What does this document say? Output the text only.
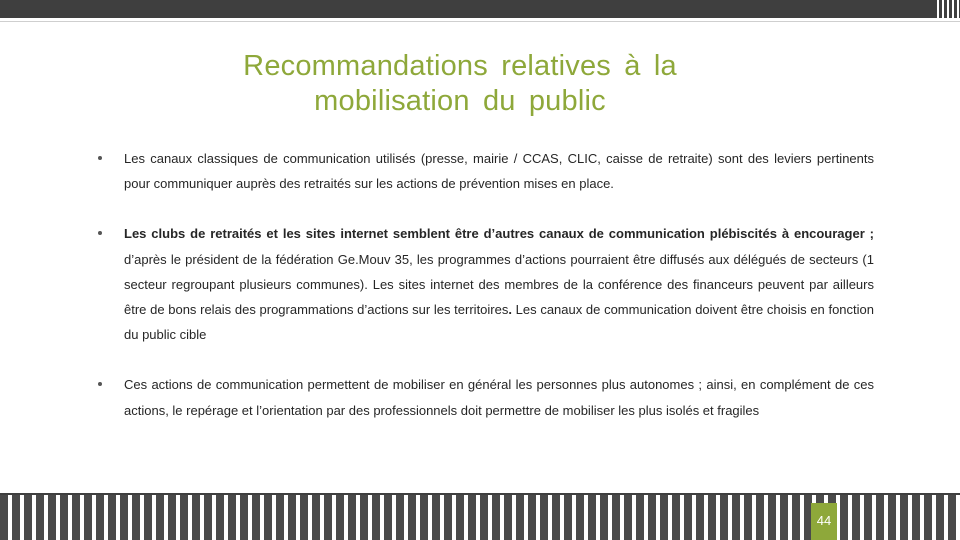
Recommandations relatives à la
mobilisation du public

Les canaux classiques de communication utilisés (presse, mairie / CCAS, CLIC, caisse de retraite) sont des leviers pertinents pour communiquer auprès des retraités sur les actions de prévention mises en place.

Les clubs de retraités et les sites internet semblent être d’autres canaux de communication plébiscités à encourager ; d’après le président de la fédération Ge.Mouv 35, les programmes d’actions pourraient être diffusés aux délégués de secteurs (1 secteur regroupant plusieurs communes). Les sites internet des membres de la conférence des financeurs peuvent par ailleurs être de bons relais des programmations d’actions sur les territoires. Les canaux de communication doivent être choisis en fonction du public cible

Ces actions de communication permettent de mobiliser en général les personnes plus autonomes ; ainsi, en complément de ces actions, le repérage et l’orientation par des professionnels doit permettre de mobiliser les plus isolés et fragiles

44
